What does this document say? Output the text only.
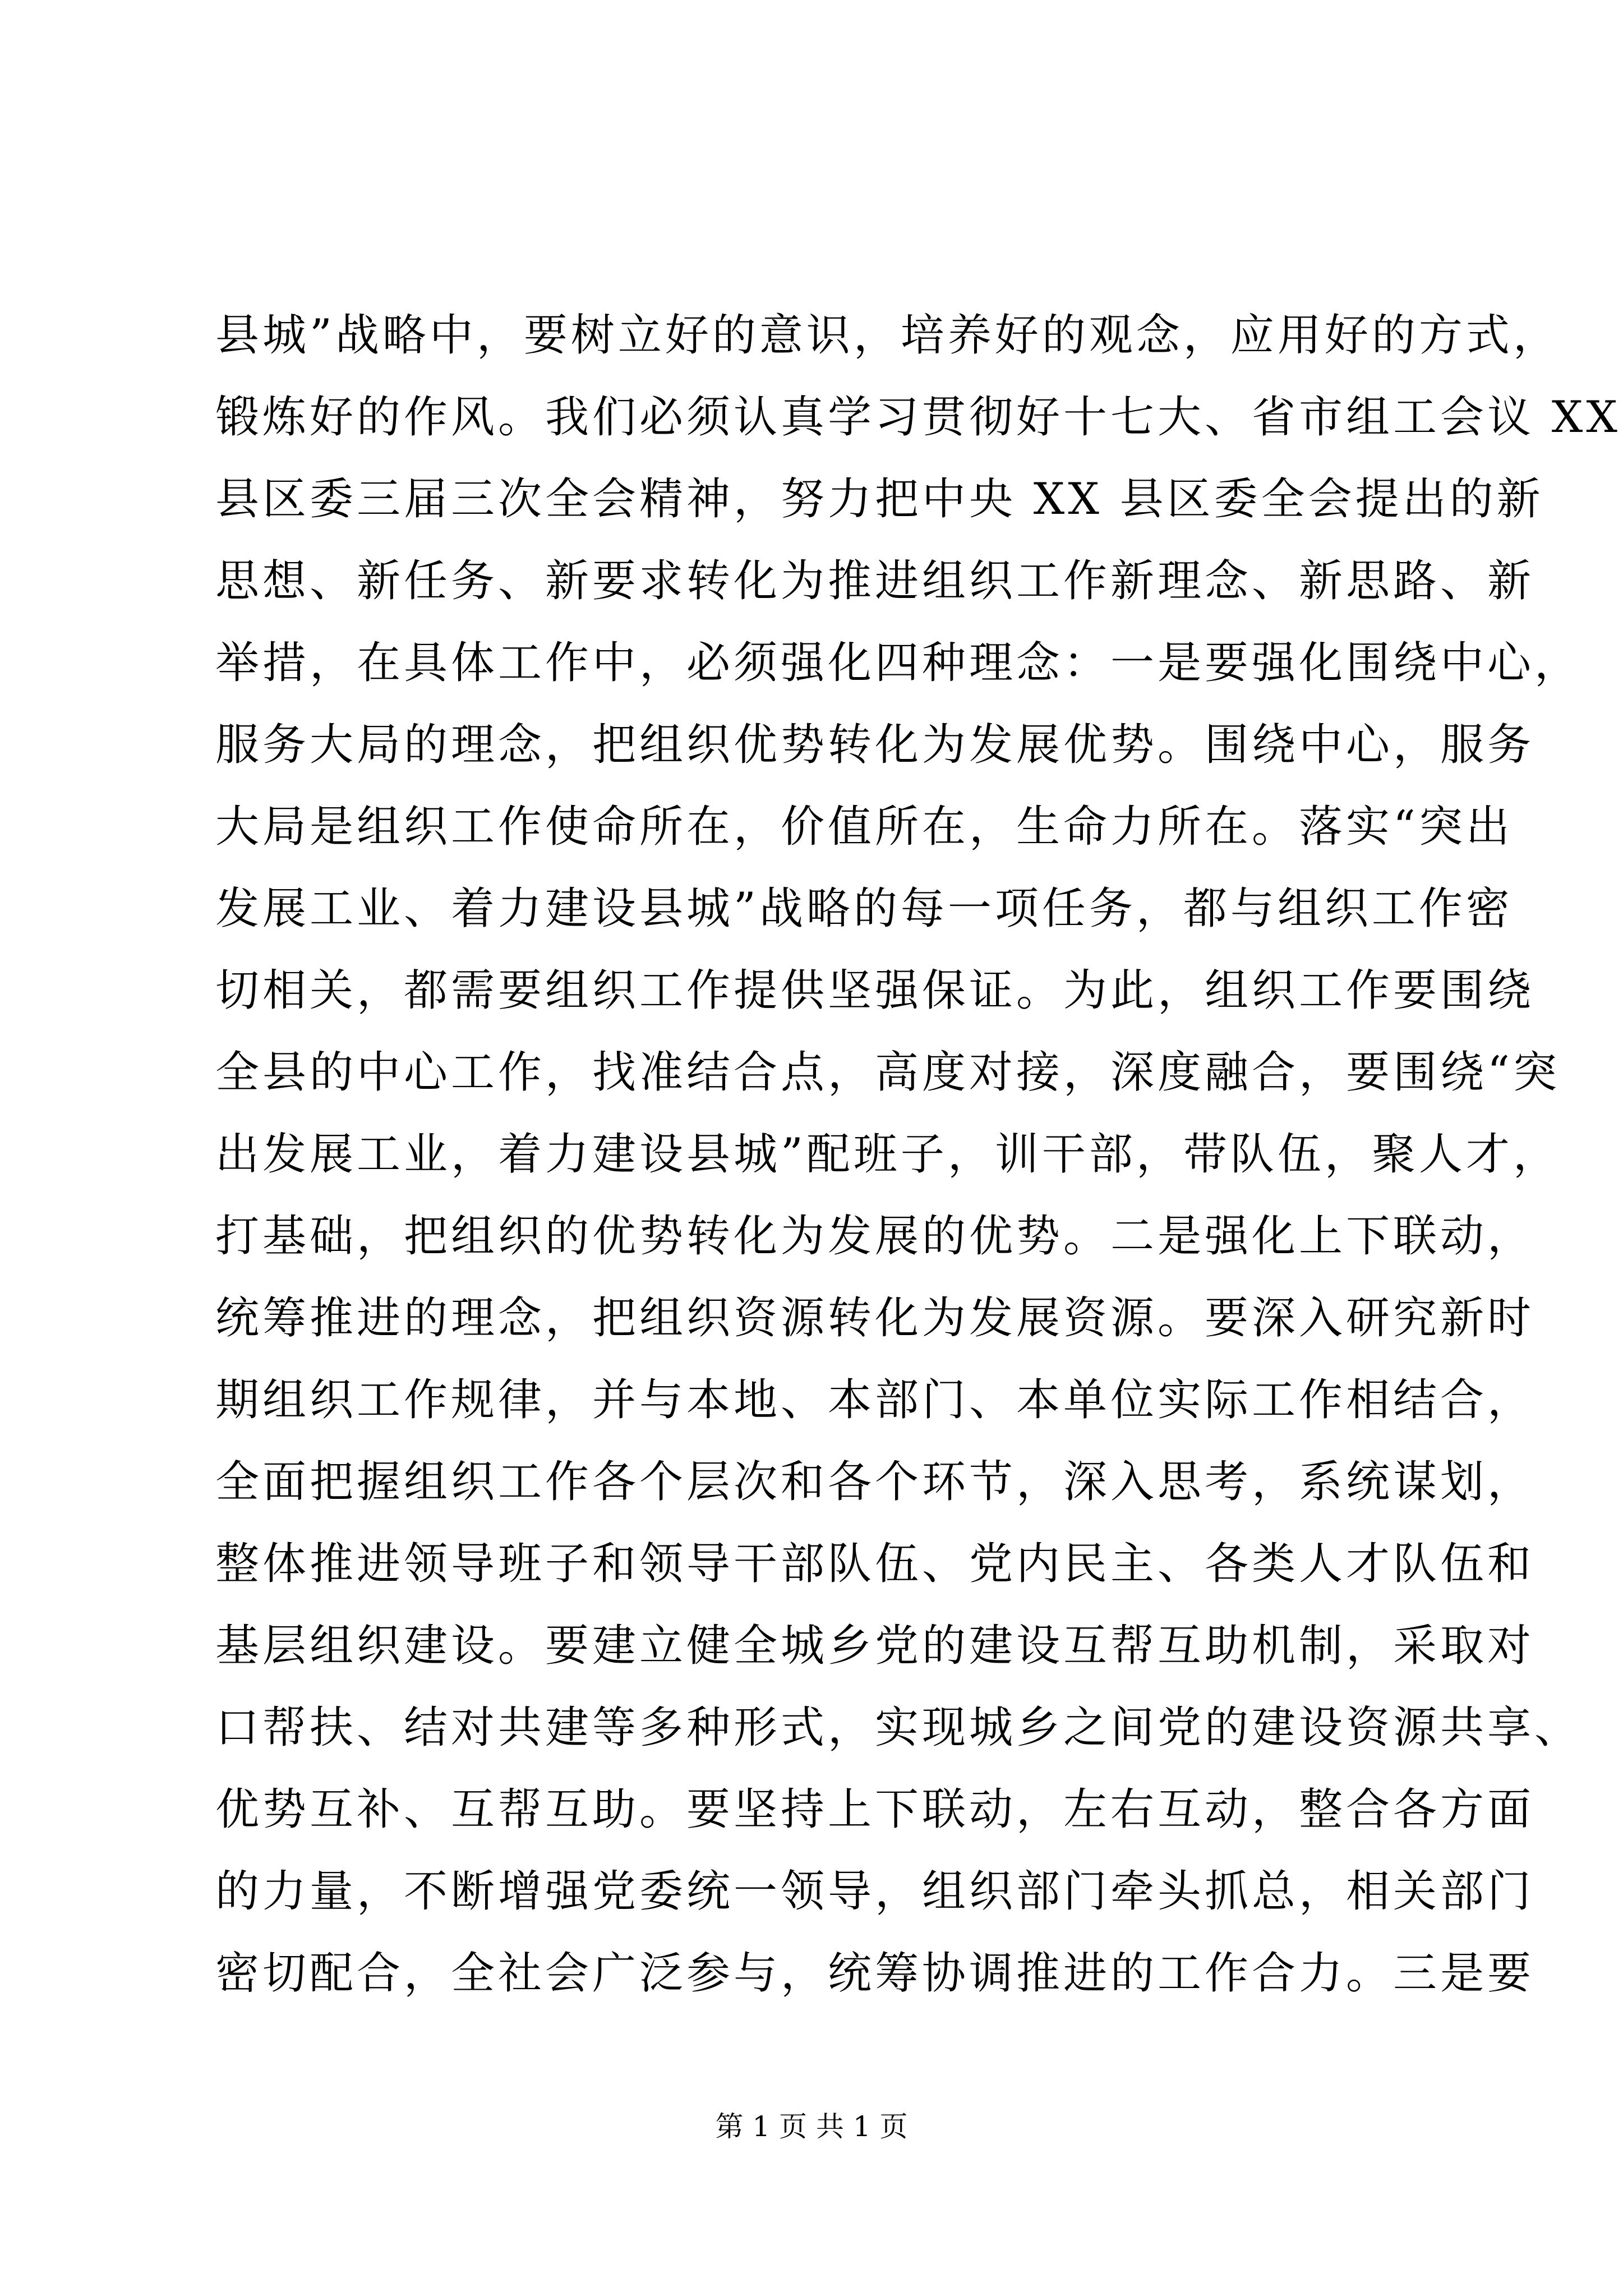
县城”战略中，要树立好的意识，培养好的观念，应用好的方式，
锻炼好的作风。我们必须认真学习贯彻好十七大、省市组工会议 XX
县区委三届三次全会精神，努力把中央 XX 县区委全会提出的新
思想、新任务、新要求转化为推进组织工作新理念、新思路、新
举措，在具体工作中，必须强化四种理念：一是要强化围绕中心，
服务大局的理念，把组织优势转化为发展优势。围绕中心，服务
大局是组织工作使命所在，价值所在，生命力所在。落实“突出
发展工业、着力建设县城”战略的每一项任务，都与组织工作密
切相关，都需要组织工作提供坚强保证。为此，组织工作要围绕
全县的中心工作，找准结合点，高度对接，深度融合，要围绕“突
出发展工业，着力建设县城”配班子，训干部，带队伍，聚人才，
打基础，把组织的优势转化为发展的优势。二是强化上下联动，
统筹推进的理念，把组织资源转化为发展资源。要深入研究新时
期组织工作规律，并与本地、本部门、本单位实际工作相结合，
全面把握组织工作各个层次和各个环节，深入思考，系统谋划，
整体推进领导班子和领导干部队伍、党内民主、各类人才队伍和
基层组织建设。要建立健全城乡党的建设互帮互助机制，采取对
口帮扶、结对共建等多种形式，实现城乡之间党的建设资源共享、
优势互补、互帮互助。要坚持上下联动，左右互动，整合各方面
的力量，不断增强党委统一领导，组织部门牵头抓总，相关部门
密切配合，全社会广泛参与，统筹协调推进的工作合力。三是要
第 1 页 共 1 页
